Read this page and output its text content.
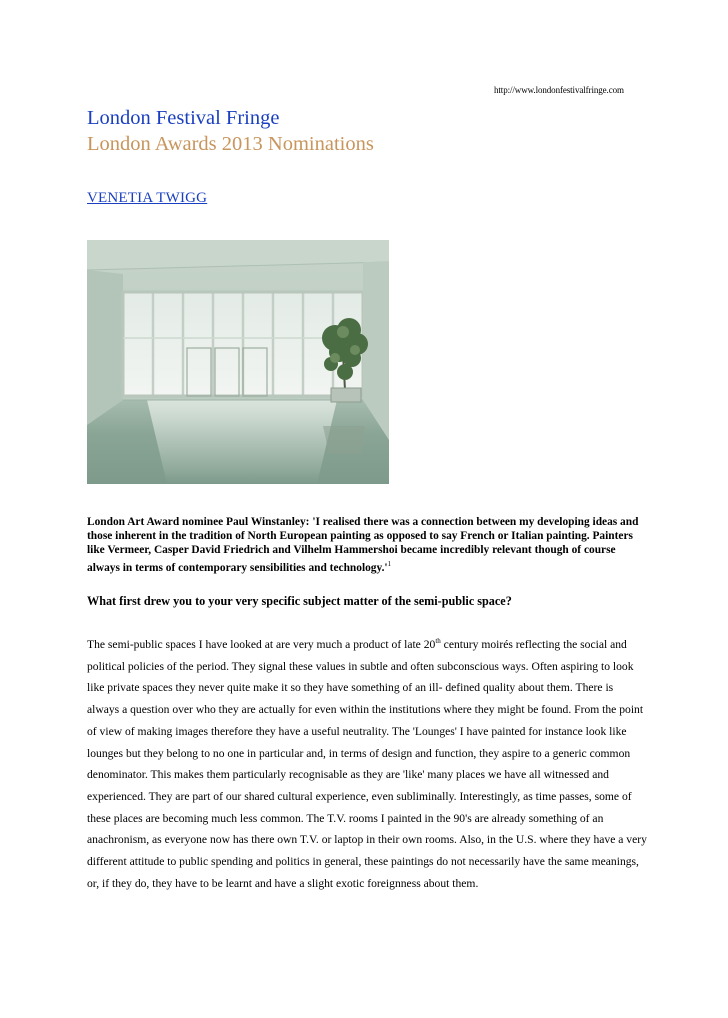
http://www.londonfestivalfringe.com
London Festival Fringe
London Awards 2013 Nominations
VENETIA TWIGG
London Art Award nominee Paul Winstanley: 'I realised there was a connection between my developing ideas and those inherent in the tradition of North European painting as opposed to say French or Italian painting. Painters like Vermeer, Casper David Friedrich and Vilhelm Hammershoi became incredibly relevant though of course always in terms of contemporary sensibilities and $technology.'^1$
What first drew you to your very specific subject matter of the semi-public space?
The semi-public spaces I have looked at are very much a product of late 20th century moirés reflecting the social and political policies of the period. They signal these values in subtle and often subconscious ways. Often aspiring to look like private spaces they never quite make it so they have something of an ill- defined quality about them. There is always a question over who they are actually for even within the institutions where they might be found. From the point of view of making images therefore they have a useful neutrality. The 'Lounges' I have painted for instance look like lounges but they belong to no one in particular and, in terms of design and function, they aspire to a generic common denominator. This makes them particularly recognisable as they are 'like' many places we have all witnessed and experienced. They are part of our shared cultural experience, even subliminally. Interestingly, as time passes, some of these places are becoming much less common. The T.V. rooms I painted in the 90's are already something of an anachronism, as everyone now has there own T.V. or laptop in their own rooms. Also, in the U.S. where they have a very different attitude to public spending and politics in general, these paintings do not necessarily have the same meanings, or, if they do, they have to be learnt and have a slight exotic foreignness about them.
